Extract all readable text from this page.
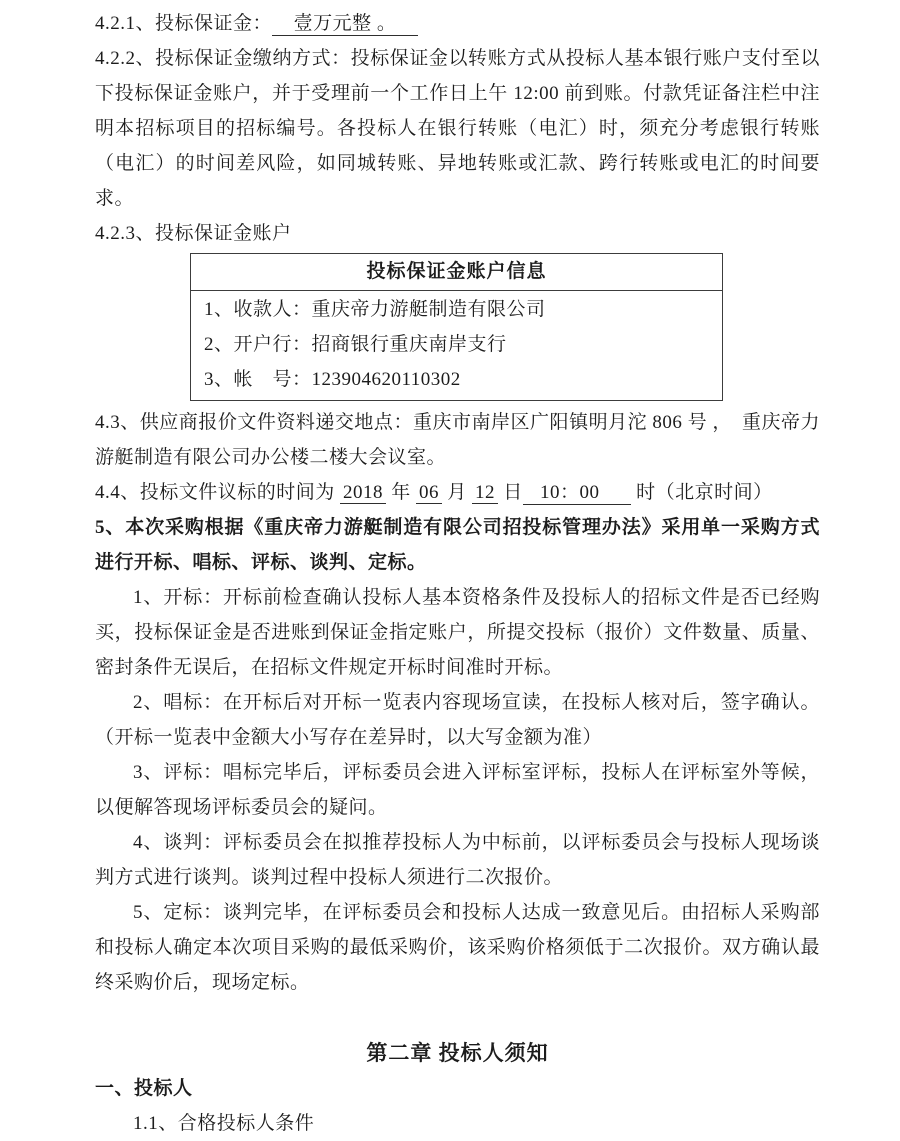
4.2.1、投标保证金： 壹万元整 。

4.2.2、投标保证金缴纳方式：投标保证金以转账方式从投标人基本银行账户支付至以下投标保证金账户，并于受理前一个工作日上午 12:00 前到账。付款凭证备注栏中注明本招标项目的招标编号。各投标人在银行转账（电汇）时，须充分考虑银行转账（电汇）的时间差风险，如同城转账、异地转账或汇款、跨行转账或电汇的时间要求。

4.2.3、投标保证金账户

投标保证金账户信息
1、收款人：重庆帝力游艇制造有限公司
2、开户行：招商银行重庆南岸支行
3、帐　号：123904620110302

4.3、供应商报价文件资料递交地点：重庆市南岸区广阳镇明月沱 806 号 ，　重庆帝力游艇制造有限公司办公楼二楼大会议室。

4.4、投标文件议标的时间为 2018 年 06 月 12 日 10：00 时（北京时间）

5、本次采购根据《重庆帝力游艇制造有限公司招投标管理办法》采用单一采购方式进行开标、唱标、评标、谈判、定标。

1、开标：开标前检查确认投标人基本资格条件及投标人的招标文件是否已经购买，投标保证金是否进账到保证金指定账户，所提交投标（报价）文件数量、质量、密封条件无误后，在招标文件规定开标时间准时开标。

2、唱标：在开标后对开标一览表内容现场宣读，在投标人核对后，签字确认。（开标一览表中金额大小写存在差异时，以大写金额为准）

3、评标：唱标完毕后，评标委员会进入评标室评标，投标人在评标室外等候，以便解答现场评标委员会的疑问。

4、谈判：评标委员会在拟推荐投标人为中标前，以评标委员会与投标人现场谈判方式进行谈判。谈判过程中投标人须进行二次报价。

5、定标：谈判完毕，在评标委员会和投标人达成一致意见后。由招标人采购部和投标人确定本次项目采购的最低采购价，该采购价格须低于二次报价。双方确认最终采购价后，现场定标。

第二章 投标人须知

一、投标人

1.1、合格投标人条件
